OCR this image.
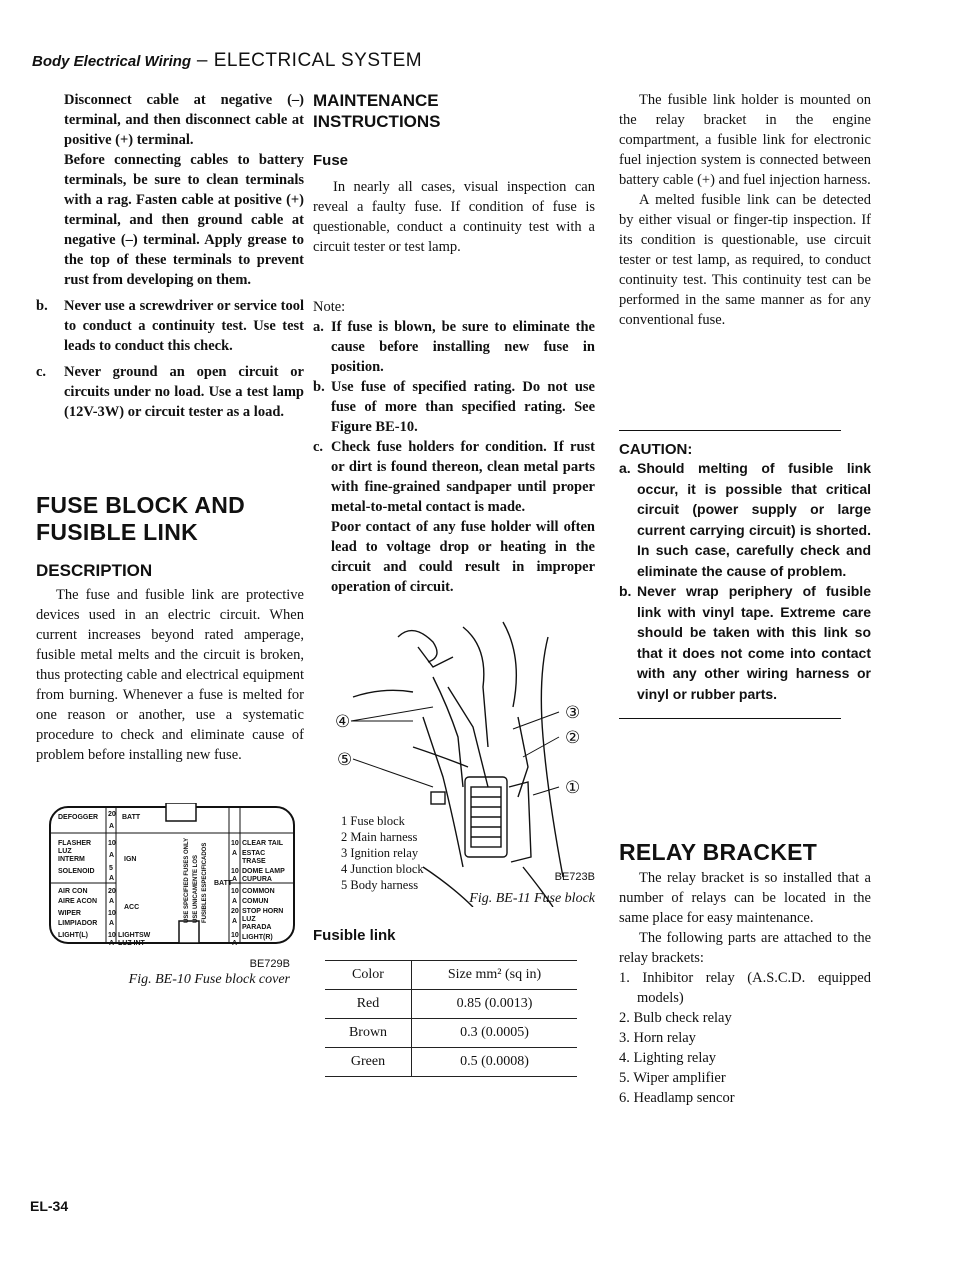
Body Electrical Wiring – ELECTRICAL SYSTEM

Disconnect cable at negative (–) terminal, and then disconnect cable at positive (+) terminal.

Before connecting cables to battery terminals, be sure to clean terminals with a rag. Fasten cable at positive (+) terminal, and then ground cable at negative (–) terminal. Apply grease to the top of these terminals to prevent rust from developing on them.

b.	Never use a screwdriver or service tool to conduct a continuity test. Use test leads to conduct this check.

c.	Never ground an open circuit or circuits under no load. Use a test lamp (12V-3W) or circuit tester as a load.

FUSE BLOCK AND

FUSIBLE LINK

DESCRIPTION

The fuse and fusible link are protective devices used in an electric circuit. When current increases beyond rated amperage, fusible metal melts and the circuit is broken, thus protecting cable and electrical equipment from burning. Whenever a fuse is melted for one reason or another, use a systematic procedure to check and eliminate cause of problem before installing new fuse.

DEFOGGER
FLASHER
LUZ
INTERM
SOLENOID
AIR CON
AIRE ACON
WIPER
LIMPIADOR
LIGHT(L)
20
A
10
A
5
A
20
A
10
A
10
A
BATT
IGN
ACC
LIGHTSW
LUZ INT
CLEAR TAIL
ESTAC
TRASE
DOME LAMP
CUPURA
COMMON
COMUN
STOP HORN
LUZ
PARADA
LIGHT(R)
10
A
10
A
10
A
20
A
10
A
BATT
USE SPECIFIED FUSES ONLY USE UNICAMENTE LOS FUSIBLES ESPECIFICADOS

BE729B

Fig. BE-10 Fuse block cover

MAINTENANCE INSTRUCTIONS

Fuse

In nearly all cases, visual inspection can reveal a faulty fuse. If condition of fuse is questionable, conduct a continuity test with a circuit tester or test lamp.

Note:

a. If fuse is blown, be sure to eliminate the cause before installing new fuse in position.

b. Use fuse of specified rating. Do not use fuse of more than specified rating. See Figure BE-10.

c. Check fuse holders for condition. If rust or dirt is found thereon, clean metal parts with fine-grained sandpaper until proper metal-to-metal contact is made.

Poor contact of any fuse holder will often lead to voltage drop or heating in the circuit and could result in improper operation of circuit.

③
②
①
④
⑤
1 Fuse block
2 Main harness
3 Ignition relay
4 Junction block
5 Body harness

BE723B

Fig. BE-11 Fuse block

Fusible link

Color	Size mm² (sq in)
Red	0.85 (0.0013)
Brown	0.3 (0.0005)
Green	0.5 (0.0008)

The fusible link holder is mounted on the relay bracket in the engine compartment, a fusible link for electronic fuel injection system is connected between battery cable (+) and fuel injection harness.

A melted fusible link can be detected by either visual or finger-tip inspection. If its condition is questionable, use circuit tester or test lamp, as required, to conduct continuity test. This continuity test can be performed in the same manner as for any conventional fuse.

CAUTION:

a. Should melting of fusible link occur, it is possible that critical circuit (power supply or large current carrying circuit) is shorted. In such case, carefully check and eliminate the cause of problem.

b. Never wrap periphery of fusible link with vinyl tape. Extreme care should be taken with this link so that it does not come into contact with any other wiring harness or vinyl or rubber parts.

RELAY BRACKET

The relay bracket is so installed that a number of relays can be located in the same place for easy maintenance.

The following parts are attached to the relay brackets:

1. Inhibitor relay (A.S.C.D. equipped models)

2. Bulb check relay

3. Horn relay

4. Lighting relay

5. Wiper amplifier

6. Headlamp sencor

EL-34
